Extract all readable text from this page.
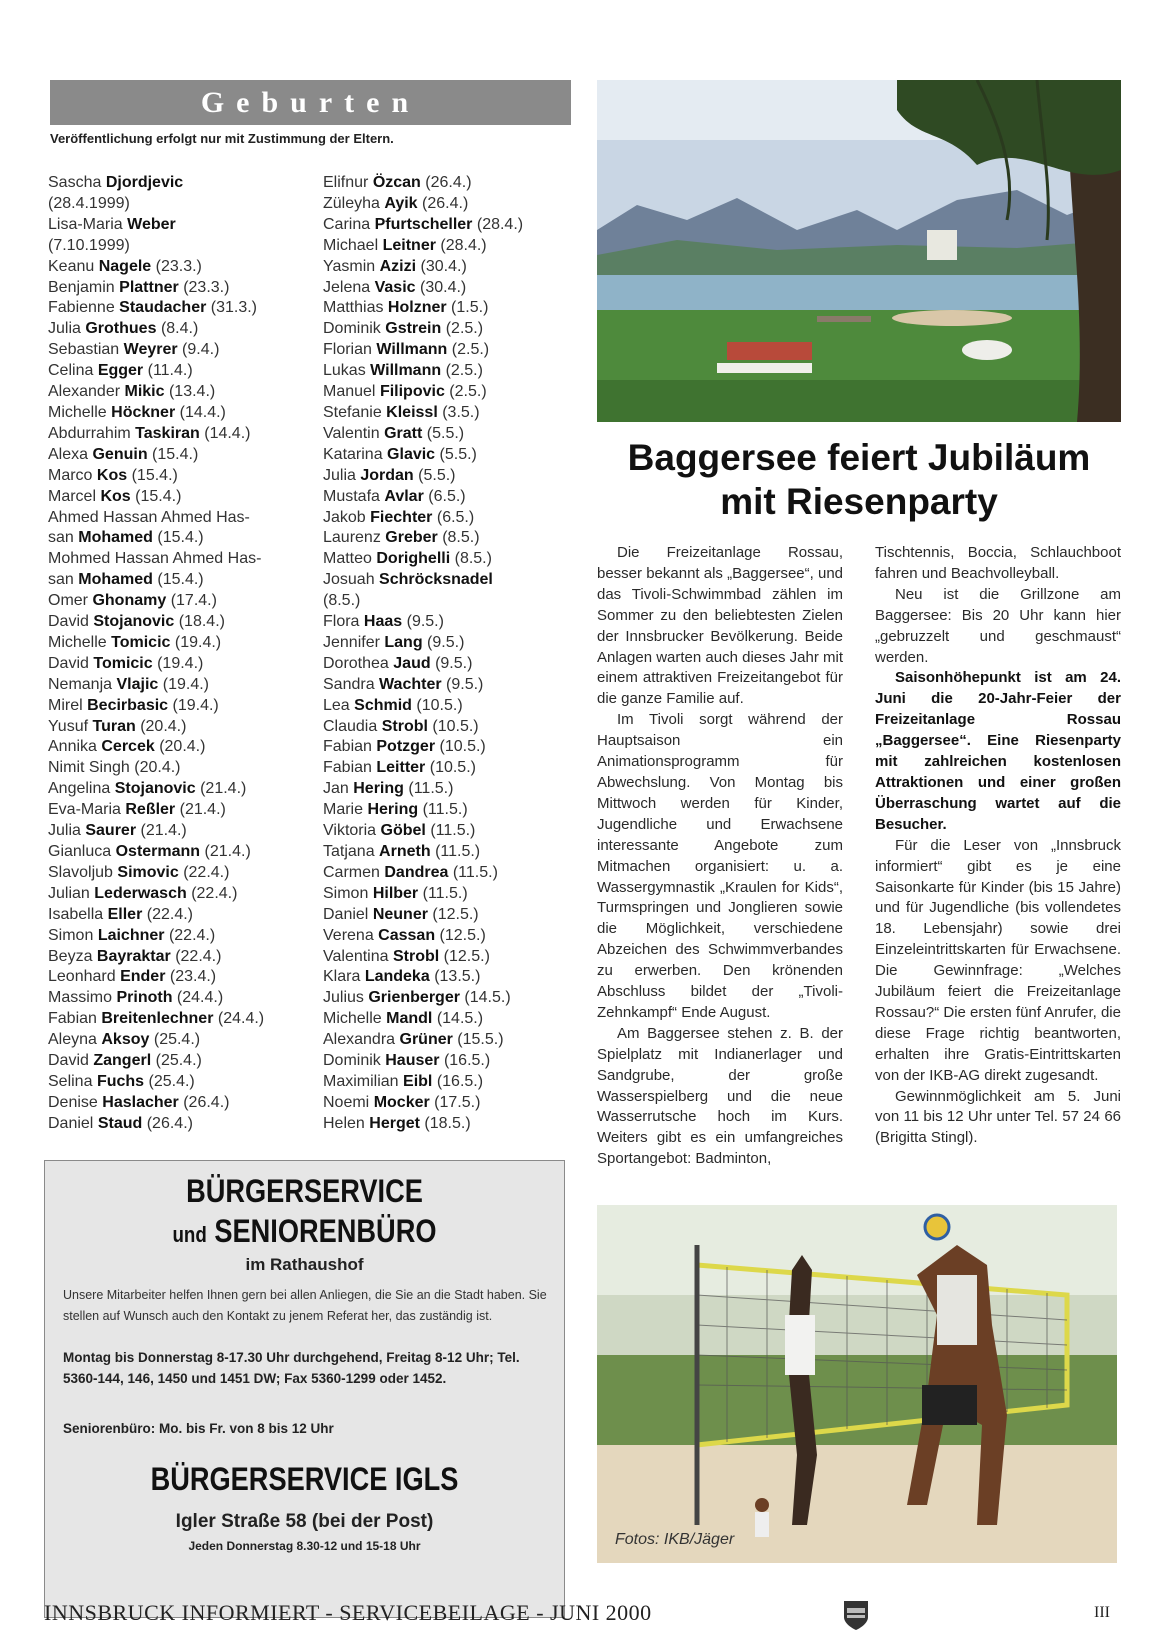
Geburten
Veröffentlichung erfolgt nur mit Zustimmung der Eltern.
Sascha Djordjevic
(28.4.1999)
Lisa-Maria Weber
(7.10.1999)
Keanu Nagele (23.3.)
Benjamin Plattner (23.3.)
Fabienne Staudacher (31.3.)
Julia Grothues (8.4.)
Sebastian Weyrer (9.4.)
Celina Egger (11.4.)
Alexander Mikic (13.4.)
Michelle Höckner (14.4.)
Abdurrahim Taskiran (14.4.)
Alexa Genuin (15.4.)
Marco Kos (15.4.)
Marcel Kos (15.4.)
Ahmed Hassan Ahmed Has-
san Mohamed (15.4.)
Mohmed Hassan Ahmed Has-
san Mohamed (15.4.)
Omer Ghonamy (17.4.)
David Stojanovic (18.4.)
Michelle Tomicic (19.4.)
David Tomicic (19.4.)
Nemanja Vlajic (19.4.)
Mirel Becirbasic (19.4.)
Yusuf Turan (20.4.)
Annika Cercek (20.4.)
Nimit Singh (20.4.)
Angelina Stojanovic (21.4.)
Eva-Maria Reßler (21.4.)
Julia Saurer (21.4.)
Gianluca Ostermann (21.4.)
Slavoljub Simovic (22.4.)
Julian Lederwasch (22.4.)
Isabella Eller (22.4.)
Simon Laichner (22.4.)
Beyza Bayraktar (22.4.)
Leonhard Ender (23.4.)
Massimo Prinoth (24.4.)
Fabian Breitenlechner (24.4.)
Aleyna Aksoy (25.4.)
David Zangerl (25.4.)
Selina Fuchs (25.4.)
Denise Haslacher (26.4.)
Daniel Staud (26.4.)
Elifnur Özcan (26.4.)
Züleyha Ayik (26.4.)
Carina Pfurtscheller (28.4.)
Michael Leitner (28.4.)
Yasmin Azizi (30.4.)
Jelena Vasic (30.4.)
Matthias Holzner (1.5.)
Dominik Gstrein (2.5.)
Florian Willmann (2.5.)
Lukas Willmann (2.5.)
Manuel Filipovic (2.5.)
Stefanie Kleissl (3.5.)
Valentin Gratt (5.5.)
Katarina Glavic (5.5.)
Julia Jordan (5.5.)
Mustafa Avlar (6.5.)
Jakob Fiechter (6.5.)
Laurenz Greber (8.5.)
Matteo Dorighelli (8.5.)
Josuah Schröcksnadel
(8.5.)
Flora Haas (9.5.)
Jennifer Lang (9.5.)
Dorothea Jaud (9.5.)
Sandra Wachter (9.5.)
Lea Schmid (10.5.)
Claudia Strobl (10.5.)
Fabian Potzger (10.5.)
Fabian Leitter (10.5.)
Jan Hering (11.5.)
Marie Hering (11.5.)
Viktoria Göbel (11.5.)
Tatjana Arneth (11.5.)
Carmen Dandrea (11.5.)
Simon Hilber (11.5.)
Daniel Neuner (12.5.)
Verena Cassan (12.5.)
Valentina Strobl (12.5.)
Klara Landeka (13.5.)
Julius Grienberger (14.5.)
Michelle Mandl (14.5.)
Alexandra Grüner (15.5.)
Dominik Hauser (16.5.)
Maximilian Eibl (16.5.)
Noemi Mocker (17.5.)
Helen Herget (18.5.)
BÜRGERSERVICE
und SENIORENBÜRO
im Rathaushof
Unsere Mitarbeiter helfen Ihnen gern bei allen Anliegen, die Sie an die Stadt haben. Sie stellen auf Wunsch auch den Kontakt zu jenem Referat her, das zuständig ist.
Montag bis Donnerstag 8-17.30 Uhr durchgehend, Freitag 8-12 Uhr; Tel. 5360-144, 146, 1450 und 1451 DW; Fax 5360-1299 oder 1452.
Seniorenbüro: Mo. bis Fr. von 8 bis 12 Uhr
BÜRGERSERVICE IGLS
Igler Straße 58 (bei der Post)
Jeden Donnerstag 8.30-12 und 15-18 Uhr
Baggersee feiert Jubiläum
mit Riesenparty

Die Freizeitanlage Rossau, besser bekannt als „Baggersee“, und das Tivoli-Schwimmbad zählen im Sommer zu den beliebtesten Zielen der Innsbrucker Bevölkerung. Beide Anlagen warten auch dieses Jahr mit einem attraktiven Freizeitangebot für die ganze Familie auf.

Im Tivoli sorgt während der Hauptsaison ein Animationsprogramm für Abwechslung. Von Montag bis Mittwoch werden für Kinder, Jugendliche und Erwachsene interessante Angebote zum Mitmachen organisiert: u. a. Wassergymnastik „Kraulen for Kids“, Turmspringen und Jonglieren sowie die Möglichkeit, verschiedene Abzeichen des Schwimmverbandes zu erwerben. Den krönenden Abschluss bildet der „Tivoli-Zehnkampf“ Ende August.

Am Baggersee stehen z. B. der Spielplatz mit Indianerlager und Sandgrube, der große Wasserspielberg und die neue Wasserrutsche hoch im Kurs. Weiters gibt es ein umfangreiches Sportangebot: Badminton,

Tischtennis, Boccia, Schlauchboot fahren und Beachvolleyball.

Neu ist die Grillzone am Baggersee: Bis 20 Uhr kann hier „gebruzzelt und geschmaust“ werden.

Saisonhöhepunkt ist am 24. Juni die 20-Jahr-Feier der Freizeitanlage Rossau „Baggersee“. Eine Riesenparty mit zahlreichen kostenlosen Attraktionen und einer großen Überraschung wartet auf die Besucher.

Für die Leser von „Innsbruck informiert“ gibt es je eine Saisonkarte für Kinder (bis 15 Jahre) und für Jugendliche (bis vollendetes 18. Lebensjahr) sowie drei Einzeleintrittskarten für Erwachsene. Die Gewinnfrage: „Welches Jubiläum feiert die Freizeitanlage Rossau?“ Die ersten fünf Anrufer, die diese Frage richtig beantworten, erhalten ihre Gratis-Eintrittskarten von der IKB-AG direkt zugesandt.

Gewinnmöglichkeit am 5. Juni von 11 bis 12 Uhr unter Tel. 57 24 66 (Brigitta Stingl).

Fotos: IKB/Jäger
INNSBRUCK INFORMIERT - SERVICEBEILAGE - JUNI 2000	III
